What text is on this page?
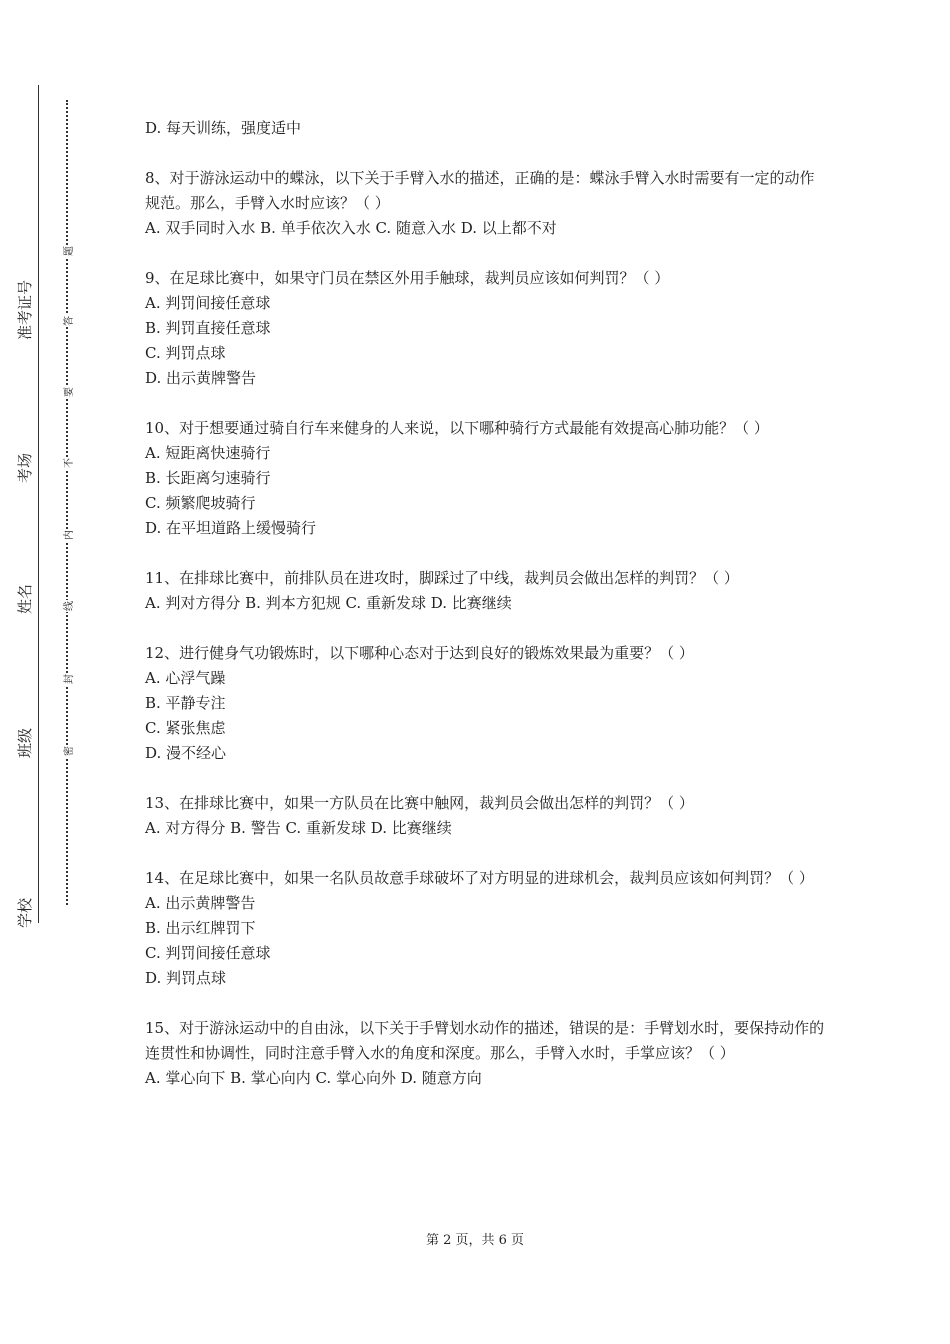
准考证号
考场
姓名
班级
学校
题
答
要
不
内
线
封
密
D. 每天训练，强度适中
8、对于游泳运动中的蝶泳，以下关于手臂入水的描述，正确的是：蝶泳手臂入水时需要有一定的动作规范。那么，手臂入水时应该？（ ）
A. 双手同时入水 B. 单手依次入水 C. 随意入水 D. 以上都不对
9、在足球比赛中，如果守门员在禁区外用手触球，裁判员应该如何判罚？（ ）
A. 判罚间接任意球
B. 判罚直接任意球
C. 判罚点球
D. 出示黄牌警告
10、对于想要通过骑自行车来健身的人来说，以下哪种骑行方式最能有效提高心肺功能？（ ）
A. 短距离快速骑行
B. 长距离匀速骑行
C. 频繁爬坡骑行
D. 在平坦道路上缓慢骑行
11、在排球比赛中，前排队员在进攻时，脚踩过了中线，裁判员会做出怎样的判罚？（ ）
A. 判对方得分 B. 判本方犯规 C. 重新发球 D. 比赛继续
12、进行健身气功锻炼时，以下哪种心态对于达到良好的锻炼效果最为重要？（ ）
A. 心浮气躁
B. 平静专注
C. 紧张焦虑
D. 漫不经心
13、在排球比赛中，如果一方队员在比赛中触网，裁判员会做出怎样的判罚？（ ）
A. 对方得分 B. 警告 C. 重新发球 D. 比赛继续
14、在足球比赛中，如果一名队员故意手球破坏了对方明显的进球机会，裁判员应该如何判罚？（ ）
A. 出示黄牌警告
B. 出示红牌罚下
C. 判罚间接任意球
D. 判罚点球
15、对于游泳运动中的自由泳，以下关于手臂划水动作的描述，错误的是：手臂划水时，要保持动作的连贯性和协调性，同时注意手臂入水的角度和深度。那么，手臂入水时，手掌应该？（ ）
A. 掌心向下 B. 掌心向内 C. 掌心向外 D. 随意方向
第 2 页，共 6 页
